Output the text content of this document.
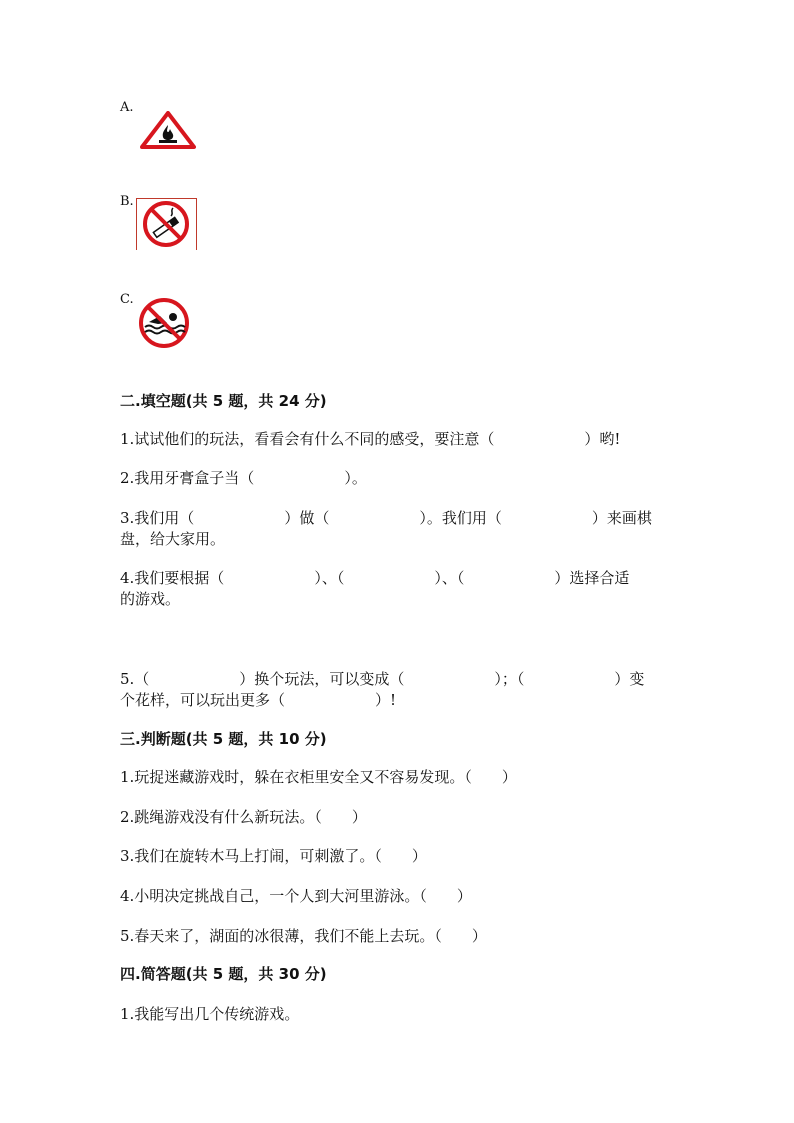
A.
B.
C.
二.填空题(共 5 题，共 24 分)
1.试试他们的玩法，看看会有什么不同的感受，要注意（　　　　　　）哟!
2.我用牙膏盒子当（　　　　　　）。
3.我们用（　　　　　　）做（　　　　　　）。我们用（　　　　　　）来画棋
盘，给大家用。
4.我们要根据（　　　　　　）、（　　　　　　）、（　　　　　　）选择合适
的游戏。
5.（　　　　　　）换个玩法，可以变成（　　　　　　）；（　　　　　　）变
个花样，可以玩出更多（　　　　　　）!
三.判断题(共 5 题，共 10 分)
1.玩捉迷藏游戏时，躲在衣柜里安全又不容易发现。（　　）
2.跳绳游戏没有什么新玩法。（　　）
3.我们在旋转木马上打闹，可刺激了。（　　）
4.小明决定挑战自己，一个人到大河里游泳。（　　）
5.春天来了，湖面的冰很薄，我们不能上去玩。（　　）
四.简答题(共 5 题，共 30 分)
1.我能写出几个传统游戏。
